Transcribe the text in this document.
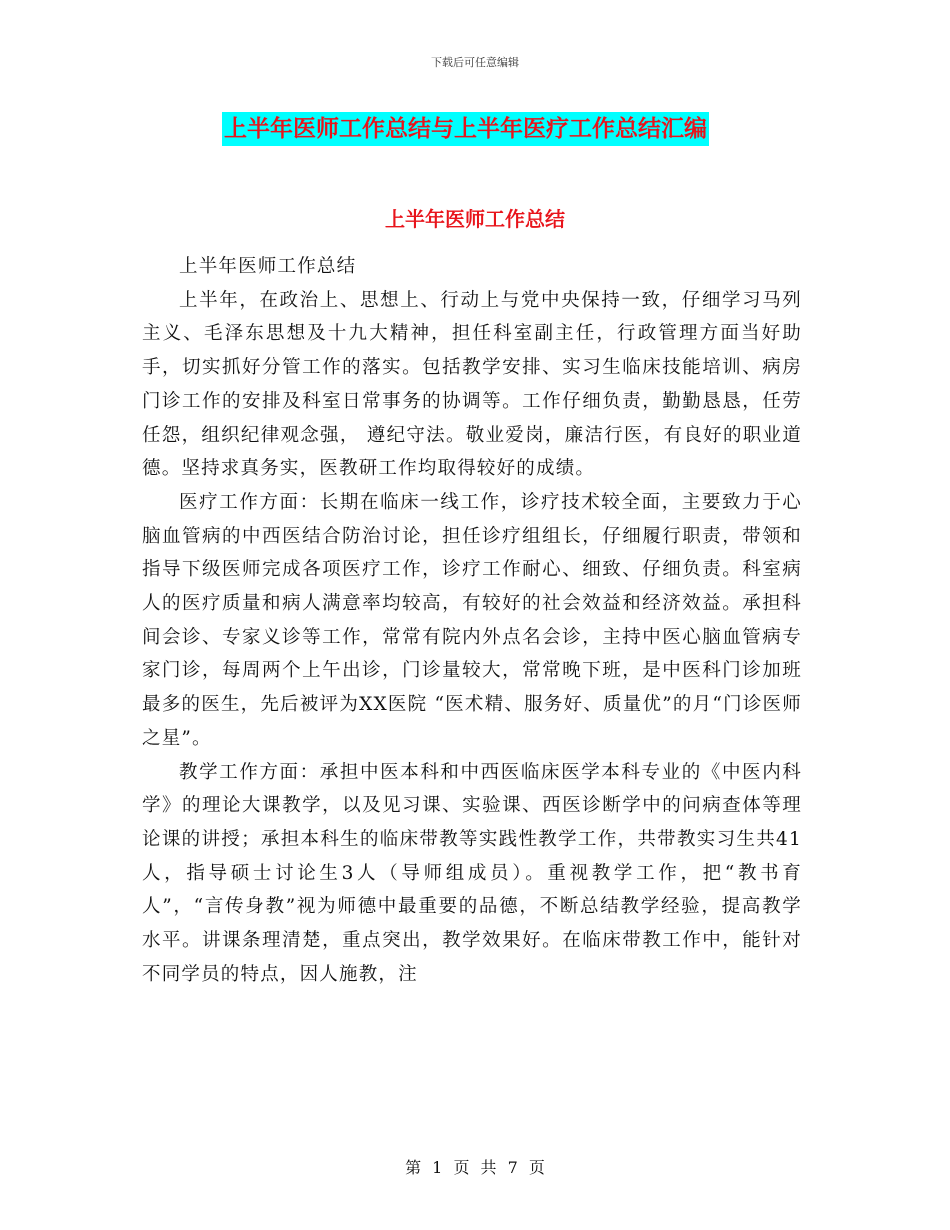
下载后可任意编辑
上半年医师工作总结与上半年医疗工作总结汇编
上半年医师工作总结

上半年医师工作总结

上半年，在政治上、思想上、行动上与党中央保持一致，仔细学习马列主义、毛泽东思想及十九大精神，担任科室副主任，行政管理方面当好助手，切实抓好分管工作的落实。包括教学安排、实习生临床技能培训、病房门诊工作的安排及科室日常事务的协调等。工作仔细负责，勤勤恳恳，任劳任怨，组织纪律观念强， 遵纪守法。敬业爱岗，廉洁行医，有良好的职业道德。坚持求真务实，医教研工作均取得较好的成绩。

医疗工作方面：长期在临床一线工作，诊疗技术较全面，主要致力于心脑血管病的中西医结合防治讨论，担任诊疗组组长，仔细履行职责，带领和指导下级医师完成各项医疗工作，诊疗工作耐心、细致、仔细负责。科室病人的医疗质量和病人满意率均较高，有较好的社会效益和经济效益。承担科间会诊、专家义诊等工作，常常有院内外点名会诊，主持中医心脑血管病专家门诊，每周两个上午出诊，门诊量较大，常常晚下班，是中医科门诊加班最多的医生，先后被评为XX医院 “医术精、服务好、质量优”的月“门诊医师之星”。

教学工作方面：承担中医本科和中西医临床医学本科专业的《中医内科学》的理论大课教学，以及见习课、实验课、西医诊断学中的问病查体等理论课的讲授；承担本科生的临床带教等实践性教学工作，共带教实习生共41人，指导硕士讨论生3人（导师组成员）。重视教学工作，把“教书育人”，“言传身教”视为师德中最重要的品德，不断总结教学经验，提高教学水平。讲课条理清楚，重点突出，教学效果好。在临床带教工作中，能针对不同学员的特点，因人施教，注

第 1 页 共 7 页
